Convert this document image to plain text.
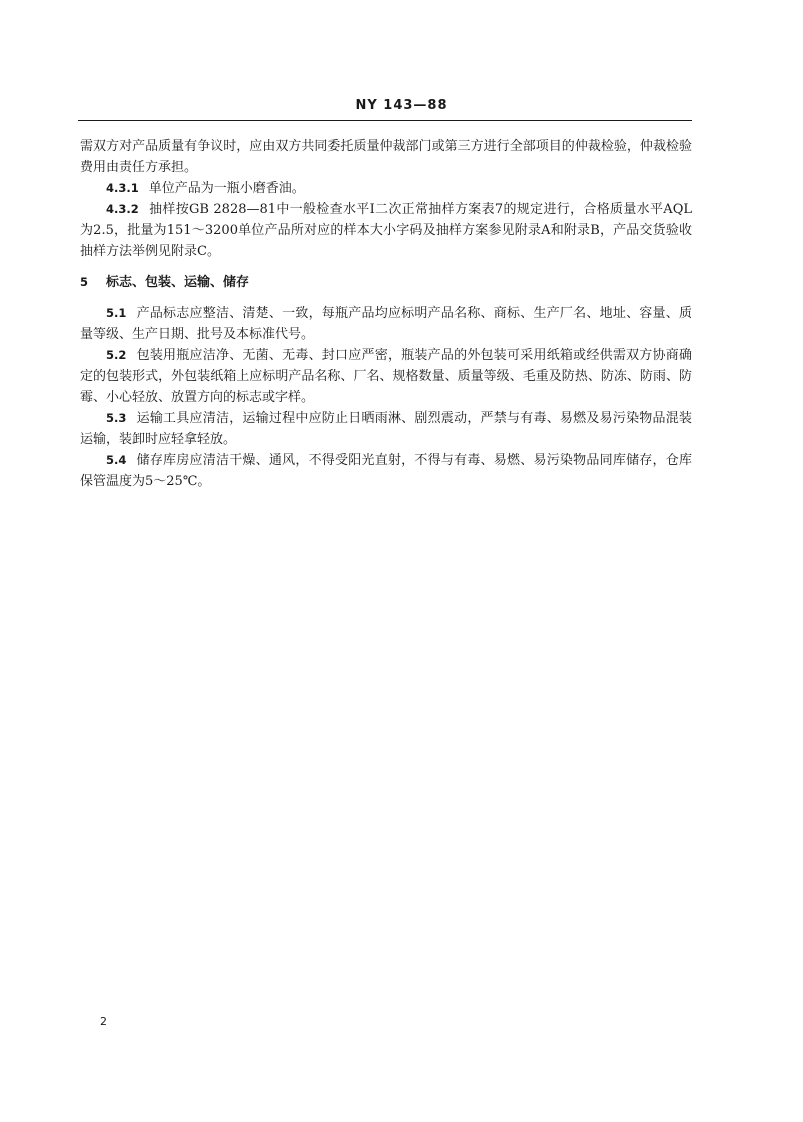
NY 143—88

需双方对产品质量有争议时，应由双方共同委托质量仲裁部门或第三方进行全部项目的仲裁检验，仲裁检验费用由责任方承担。

4.3.1 单位产品为一瓶小磨香油。

4.3.2 抽样按GB 2828—81中一般检查水平Ⅰ二次正常抽样方案表7的规定进行，合格质量水平AQL为2.5，批量为151～3200单位产品所对应的样本大小字码及抽样方案参见附录A和附录B，产品交货验收抽样方法举例见附录C。

5 标志、包装、运输、储存

5.1 产品标志应整洁、清楚、一致，每瓶产品均应标明产品名称、商标、生产厂名、地址、容量、质量等级、生产日期、批号及本标准代号。

5.2 包装用瓶应洁净、无菌、无毒、封口应严密，瓶装产品的外包装可采用纸箱或经供需双方协商确定的包装形式，外包装纸箱上应标明产品名称、厂名、规格数量、质量等级、毛重及防热、防冻、防雨、防霉、小心轻放、放置方向的标志或字样。

5.3 运输工具应清洁，运输过程中应防止日晒雨淋、剧烈震动，严禁与有毒、易燃及易污染物品混装运输，装卸时应轻拿轻放。

5.4 储存库房应清洁干燥、通风，不得受阳光直射，不得与有毒、易燃、易污染物品同库储存，仓库保管温度为5～25℃。

2
